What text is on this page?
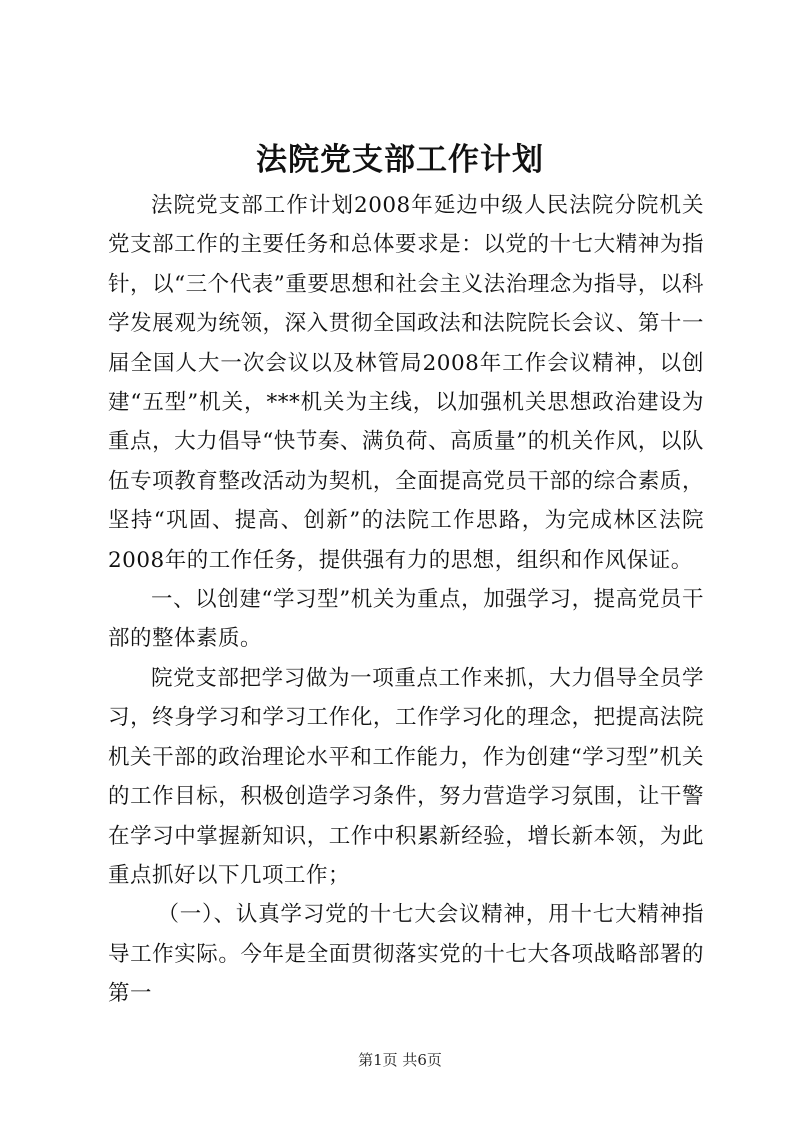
法院党支部工作计划

法院党支部工作计划2008年延边中级人民法院分院机关党支部工作的主要任务和总体要求是：以党的十七大精神为指针，以“三个代表”重要思想和社会主义法治理念为指导，以科学发展观为统领，深入贯彻全国政法和法院院长会议、第十一届全国人大一次会议以及林管局2008年工作会议精神，以创建“五型”机关，***机关为主线，以加强机关思想政治建设为重点，大力倡导“快节奏、满负荷、高质量”的机关作风，以队伍专项教育整改活动为契机，全面提高党员干部的综合素质，坚持“巩固、提高、创新”的法院工作思路，为完成林区法院2008年的工作任务，提供强有力的思想，组织和作风保证。

一、以创建“学习型”机关为重点，加强学习，提高党员干部的整体素质。

院党支部把学习做为一项重点工作来抓，大力倡导全员学习，终身学习和学习工作化，工作学习化的理念，把提高法院机关干部的政治理论水平和工作能力，作为创建“学习型”机关的工作目标，积极创造学习条件，努力营造学习氛围，让干警在学习中掌握新知识，工作中积累新经验，增长新本领，为此重点抓好以下几项工作；

（一）、认真学习党的十七大会议精神，用十七大精神指导工作实际。今年是全面贯彻落实党的十七大各项战略部署的第一

第1页 共6页
